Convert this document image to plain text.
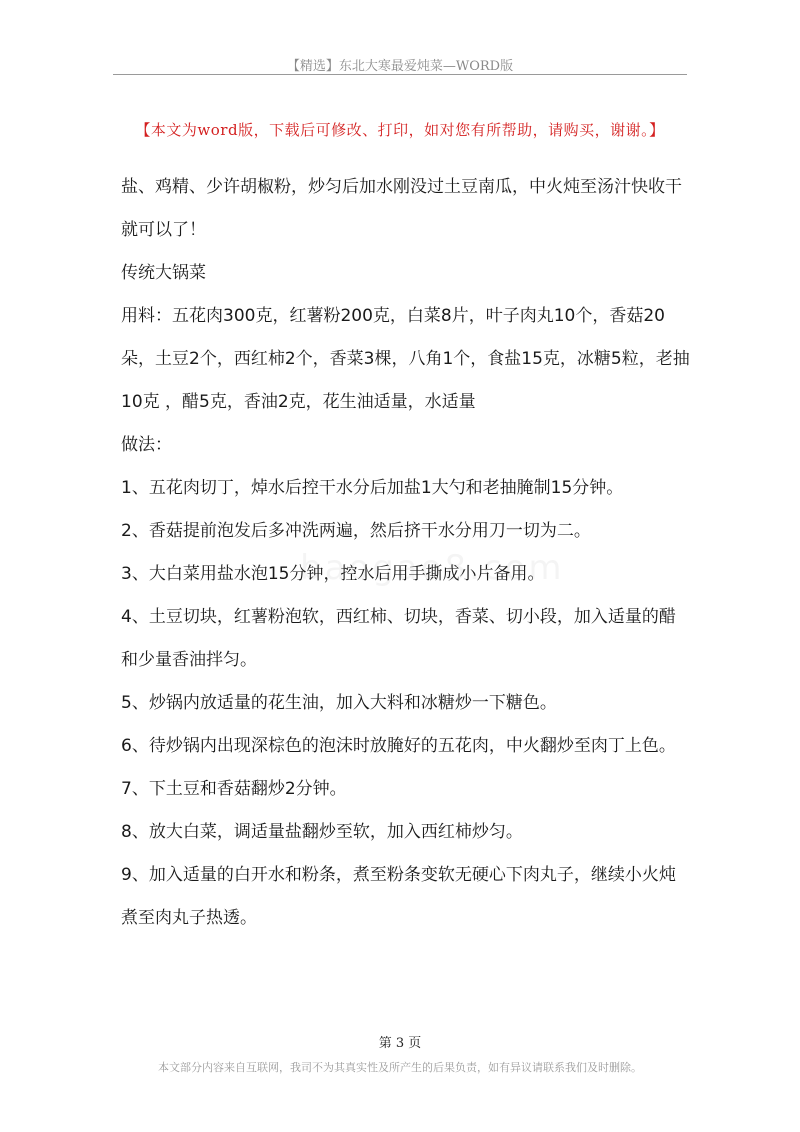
【精选】东北大寒最爱炖菜—WORD版
【本文为word版，下载后可修改、打印，如对您有所帮助，请购买，谢谢。】

盐、鸡精、少许胡椒粉，炒匀后加水刚没过土豆南瓜，中火炖至汤汁快收干就可以了！

传统大锅菜

用料：五花肉300克，红薯粉200克，白菜8片，叶子肉丸10个，香菇20朵，土豆2个，西红柿2个，香菜3棵，八角1个，食盐15克，冰糖5粒，老抽10克 ，醋5克，香油2克，花生油适量，水适量

做法：

1、五花肉切丁，焯水后控干水分后加盐1大勺和老抽腌制15分钟。

2、香菇提前泡发后多冲洗两遍，然后挤干水分用刀一切为二。

3、大白菜用盐水泡15分钟，控水后用手撕成小片备用。

4、土豆切块，红薯粉泡软，西红柿、切块，香菜、切小段，加入适量的醋和少量香油拌匀。

5、炒锅内放适量的花生油，加入大料和冰糖炒一下糖色。

6、待炒锅内出现深棕色的泡沫时放腌好的五花肉，中火翻炒至肉丁上色。

7、下土豆和香菇翻炒2分钟。

8、放大白菜，调适量盐翻炒至软，加入西红柿炒匀。

9、加入适量的白开水和粉条，煮至粉条变软无硬心下肉丸子，继续小火炖煮至肉丸子热透。

第 3 页
本文部分内容来自互联网，我司不为其真实性及所产生的后果负责，如有异议请联系我们及时删除。
